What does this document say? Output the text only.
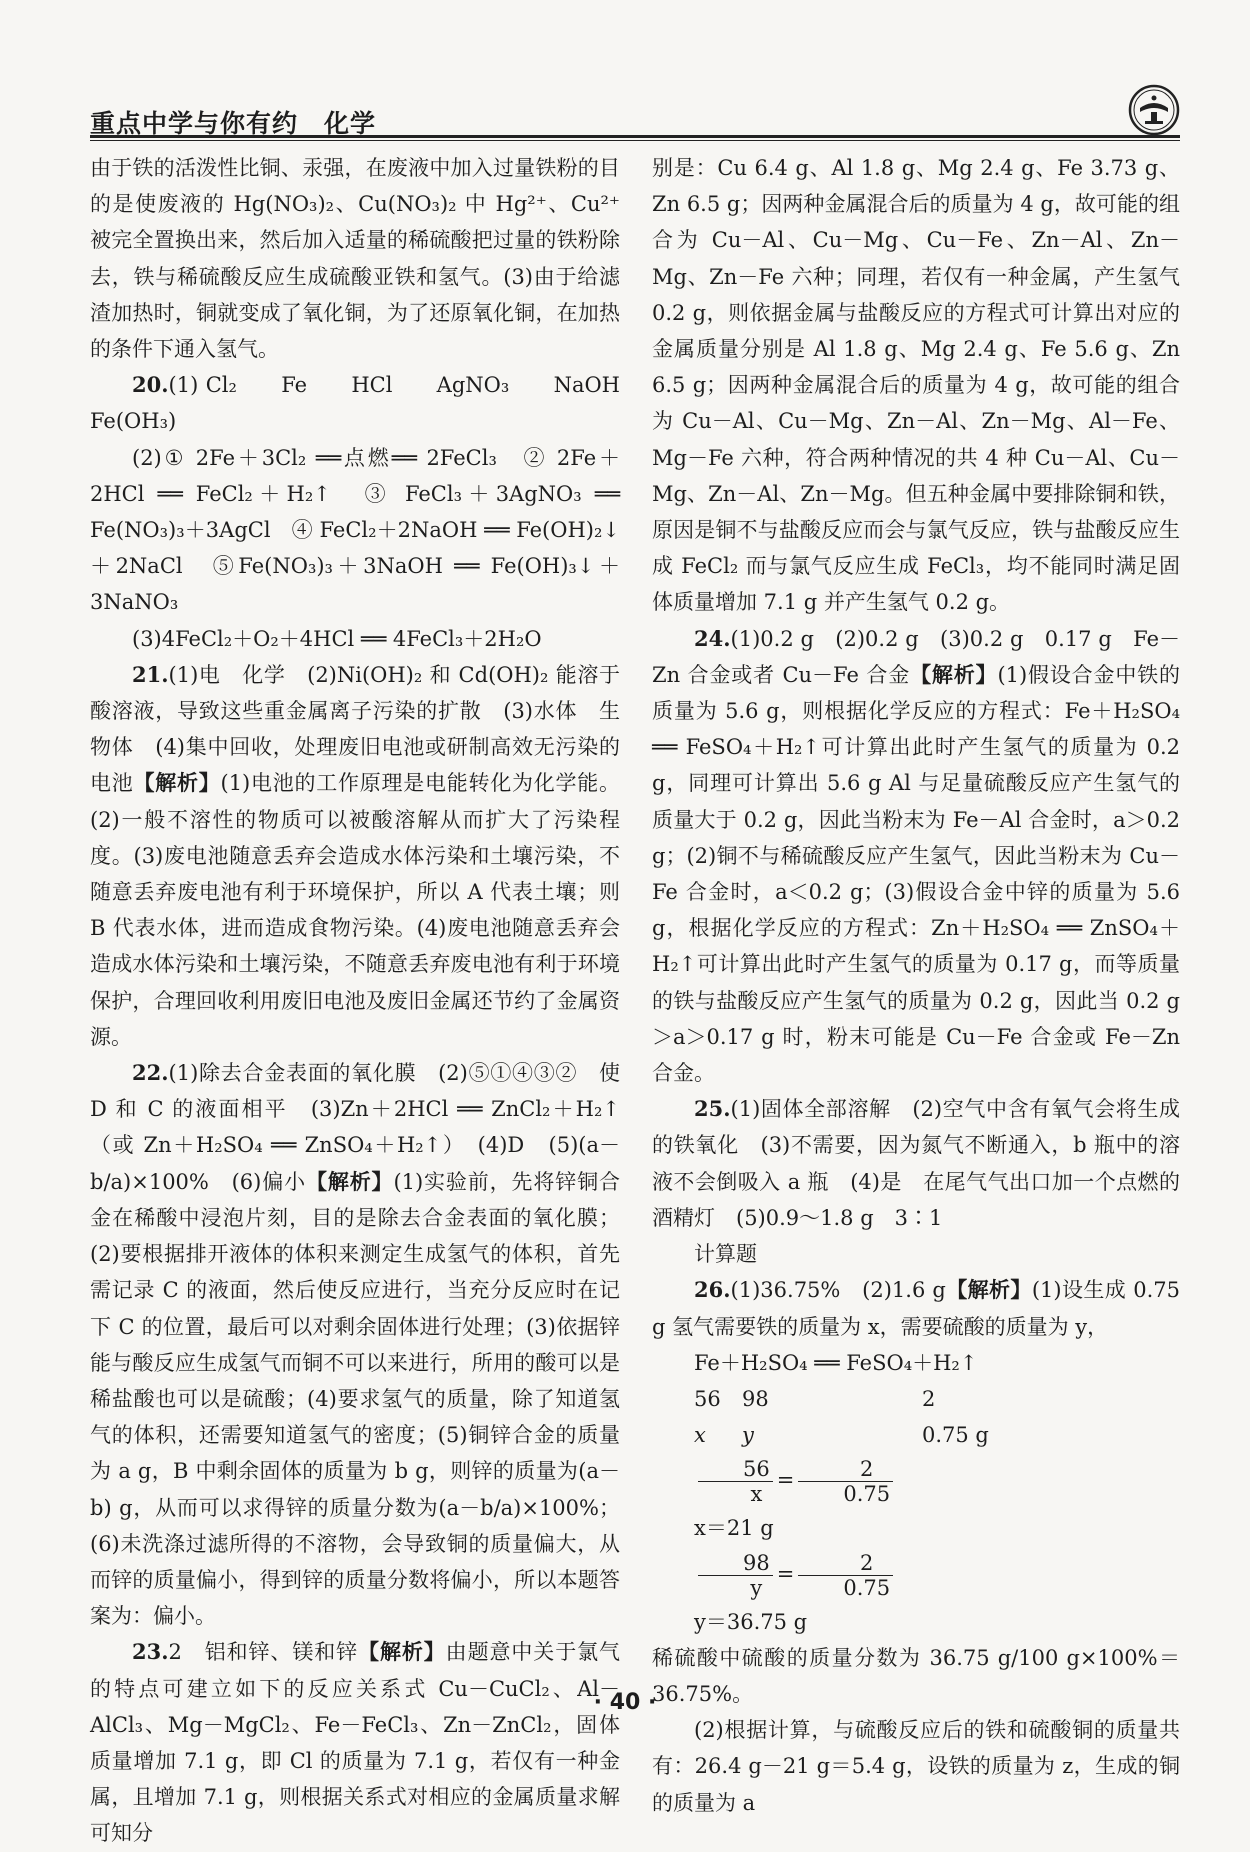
重点中学与你有约　化学

由于铁的活泼性比铜、汞强，在废液中加入过量铁粉的目的是使废液的 Hg(NO₃)₂、Cu(NO₃)₂ 中 Hg²⁺、Cu²⁺ 被完全置换出来，然后加入适量的稀硫酸把过量的铁粉除去，铁与稀硫酸反应生成硫酸亚铁和氢气。(3)由于给滤渣加热时，铜就变成了氧化铜，为了还原氧化铜，在加热的条件下通入氢气。

20.(1) Cl₂　　Fe　　HCl　　AgNO₃　　NaOH　Fe(OH₃)

(2)① 2Fe＋3Cl₂ ══点燃══ 2FeCl₃　② 2Fe＋2HCl ══ FeCl₂＋H₂↑　③ FeCl₃＋3AgNO₃ ══ Fe(NO₃)₃＋3AgCl　④ FeCl₂＋2NaOH ══ Fe(OH)₂↓＋2NaCl　⑤Fe(NO₃)₃＋3NaOH ══ Fe(OH)₃↓＋3NaNO₃

(3)4FeCl₂＋O₂＋4HCl ══ 4FeCl₃＋2H₂O

21.(1)电　化学　(2)Ni(OH)₂ 和 Cd(OH)₂ 能溶于酸溶液，导致这些重金属离子污染的扩散　(3)水体　生物体　(4)集中回收，处理废旧电池或研制高效无污染的电池【解析】(1)电池的工作原理是电能转化为化学能。(2)一般不溶性的物质可以被酸溶解从而扩大了污染程度。(3)废电池随意丢弃会造成水体污染和土壤污染，不随意丢弃废电池有利于环境保护，所以 A 代表土壤；则 B 代表水体，进而造成食物污染。(4)废电池随意丢弃会造成水体污染和土壤污染，不随意丢弃废电池有利于环境保护，合理回收利用废旧电池及废旧金属还节约了金属资源。

22.(1)除去合金表面的氧化膜　(2)⑤①④③②　使 D 和 C 的液面相平　(3)Zn＋2HCl ══ ZnCl₂＋H₂↑（或 Zn＋H₂SO₄ ══ ZnSO₄＋H₂↑）　(4)D　(5)(a－b/a)×100%　(6)偏小【解析】(1)实验前，先将锌铜合金在稀酸中浸泡片刻，目的是除去合金表面的氧化膜；(2)要根据排开液体的体积来测定生成氢气的体积，首先需记录 C 的液面，然后使反应进行，当充分反应时在记下 C 的位置，最后可以对剩余固体进行处理；(3)依据锌能与酸反应生成氢气而铜不可以来进行，所用的酸可以是稀盐酸也可以是硫酸；(4)要求氢气的质量，除了知道氢气的体积，还需要知道氢气的密度；(5)铜锌合金的质量为 a g，B 中剩余固体的质量为 b g，则锌的质量为(a－b) g，从而可以求得锌的质量分数为(a－b/a)×100%；(6)未洗涤过滤所得的不溶物，会导致铜的质量偏大，从而锌的质量偏小，得到锌的质量分数将偏小，所以本题答案为：偏小。

23.2　铝和锌、镁和锌【解析】由题意中关于氯气的特点可建立如下的反应关系式 Cu－CuCl₂、Al－AlCl₃、Mg－MgCl₂、Fe－FeCl₃、Zn－ZnCl₂，固体质量增加 7.1 g，即 Cl 的质量为 7.1 g，若仅有一种金属，且增加 7.1 g，则根据关系式对相应的金属质量求解可知分

别是：Cu 6.4 g、Al 1.8 g、Mg 2.4 g、Fe 3.73 g、Zn 6.5 g；因两种金属混合后的质量为 4 g，故可能的组合为 Cu－Al、Cu－Mg、Cu－Fe、Zn－Al、Zn－Mg、Zn－Fe 六种；同理，若仅有一种金属，产生氢气 0.2 g，则依据金属与盐酸反应的方程式可计算出对应的金属质量分别是 Al 1.8 g、Mg 2.4 g、Fe 5.6 g、Zn 6.5 g；因两种金属混合后的质量为 4 g，故可能的组合为 Cu－Al、Cu－Mg、Zn－Al、Zn－Mg、Al－Fe、Mg－Fe 六种，符合两种情况的共 4 种 Cu－Al、Cu－Mg、Zn－Al、Zn－Mg。但五种金属中要排除铜和铁，原因是铜不与盐酸反应而会与氯气反应，铁与盐酸反应生成 FeCl₂ 而与氯气反应生成 FeCl₃，均不能同时满足固体质量增加 7.1 g 并产生氢气 0.2 g。

24.(1)0.2 g　(2)0.2 g　(3)0.2 g　0.17 g　Fe－Zn 合金或者 Cu－Fe 合金【解析】(1)假设合金中铁的质量为 5.6 g，则根据化学反应的方程式：Fe＋H₂SO₄ ══ FeSO₄＋H₂↑可计算出此时产生氢气的质量为 0.2 g，同理可计算出 5.6 g Al 与足量硫酸反应产生氢气的质量大于 0.2 g，因此当粉末为 Fe－Al 合金时，a＞0.2 g；(2)铜不与稀硫酸反应产生氢气，因此当粉末为 Cu－Fe 合金时，a＜0.2 g；(3)假设合金中锌的质量为 5.6 g，根据化学反应的方程式：Zn＋H₂SO₄ ══ ZnSO₄＋H₂↑可计算出此时产生氢气的质量为 0.17 g，而等质量的铁与盐酸反应产生氢气的质量为 0.2 g，因此当 0.2 g＞a＞0.17 g 时，粉末可能是 Cu－Fe 合金或 Fe－Zn 合金。

25.(1)固体全部溶解　(2)空气中含有氧气会将生成的铁氧化　(3)不需要，因为氮气不断通入，b 瓶中的溶液不会倒吸入 a 瓶　(4)是　在尾气气出口加一个点燃的酒精灯　(5)0.9～1.8 g　3∶1

计算题

26.(1)36.75%　(2)1.6 g【解析】(1)设生成 0.75 g 氢气需要铁的质量为 x，需要硫酸的质量为 y，

Fe＋H₂SO₄ ══ FeSO₄＋H₂↑

56	98	2
x	y	0.75 g
$\frac{56}{x} = \frac{2}{0.75}$

x＝21 g

$\frac{98}{y} = \frac{2}{0.75}$

y＝36.75 g

稀硫酸中硫酸的质量分数为 36.75 g/100 g×100%＝36.75%。

(2)根据计算，与硫酸反应后的铁和硫酸铜的质量共有：26.4 g－21 g＝5.4 g，设铁的质量为 z，生成的铜的质量为 a

· 40 ·
